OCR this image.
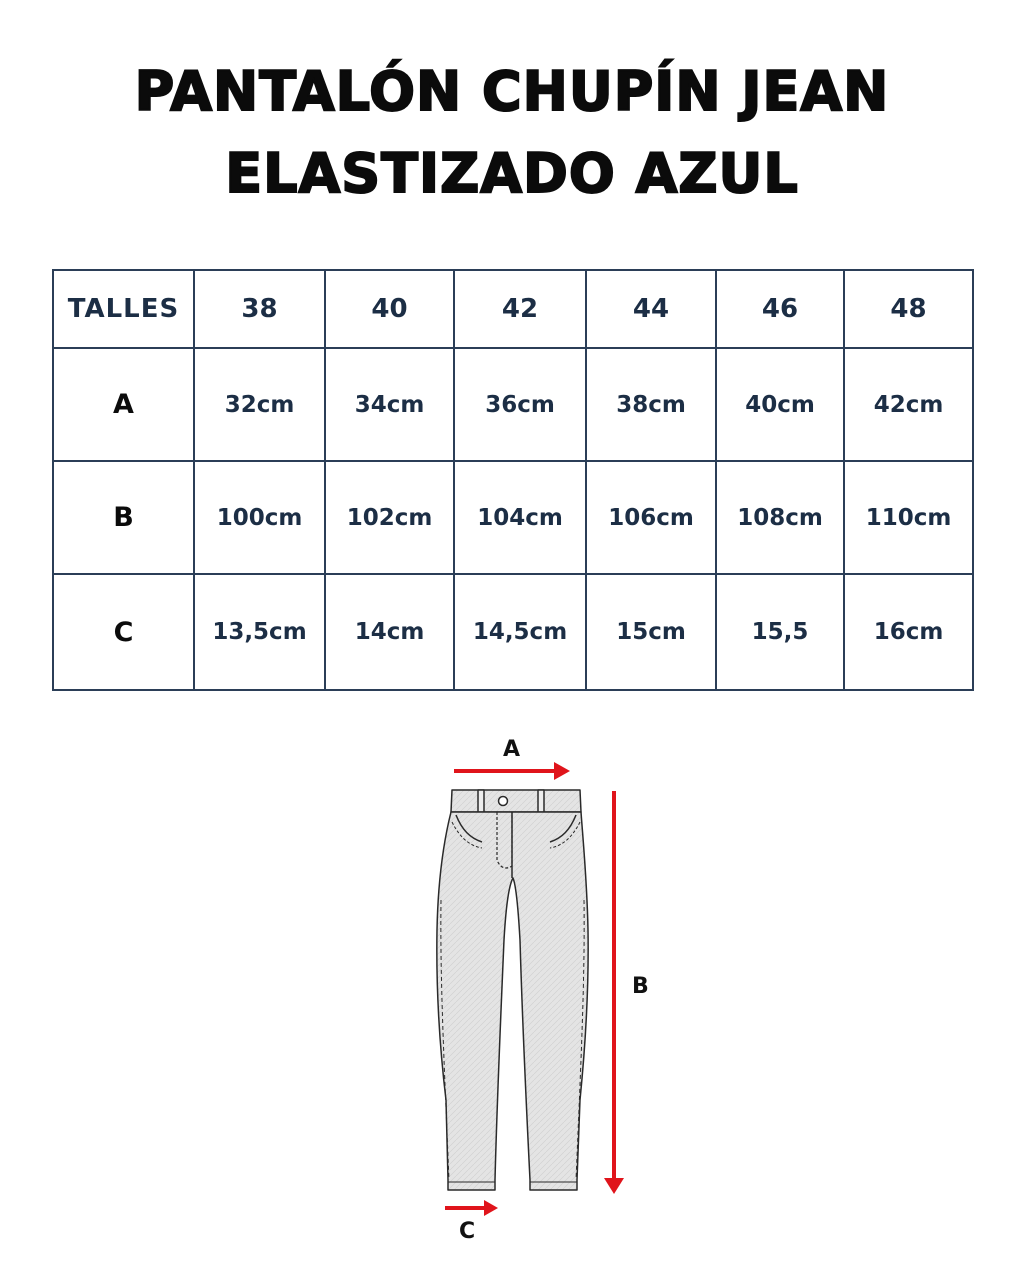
PANTALÓN CHUPÍN JEAN
ELASTIZADO AZUL
TALLES	38	40	42	44	46	48
A	32cm	34cm	36cm	38cm	40cm	42cm
B	100cm	102cm	104cm	106cm	108cm	110cm
C	13,5cm	14cm	14,5cm	15cm	15,5	16cm
A
B
C
